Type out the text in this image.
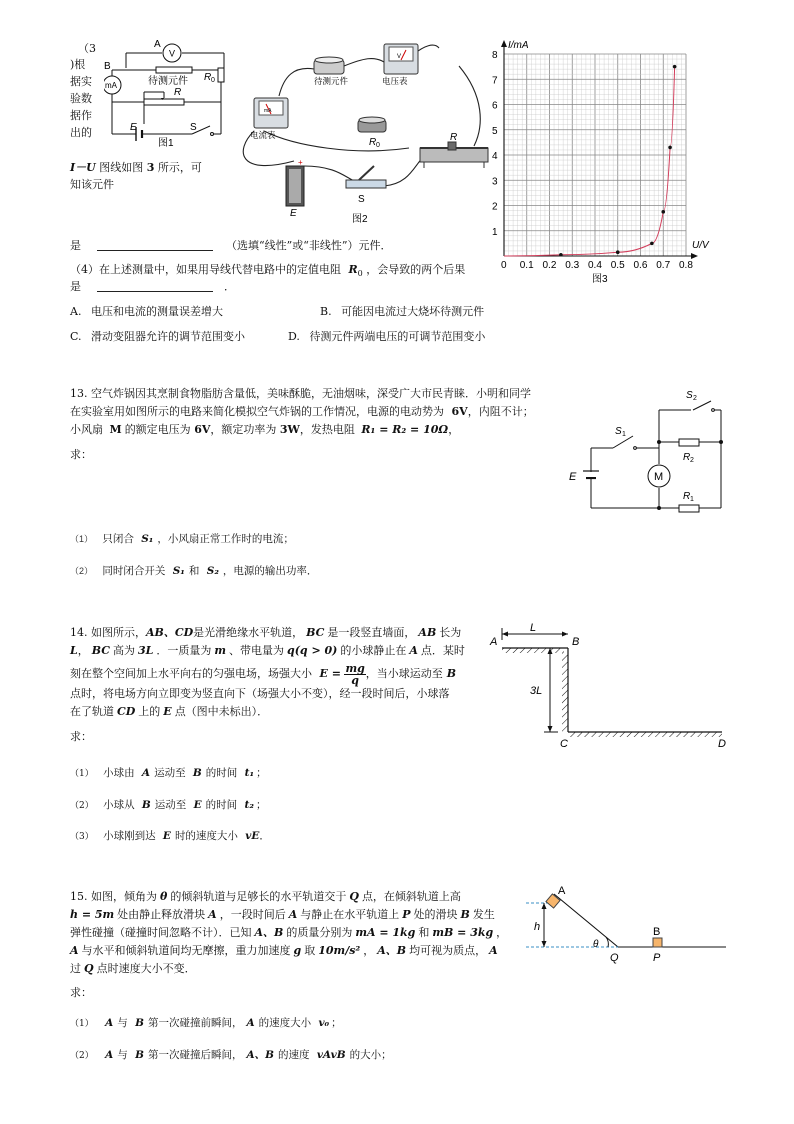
（3
)根
据实
验数
据作
出的
I－U 图线如图 3 所示，可
知该元件
V
A
B
mA	待测元件 R 0
R
E	S
图1
待测元件
V
电压表
mA
电流表
R 0
R
+
E
S
图2
0 0.1 0.2 0.3 0.4 0.5 0.6 0.7 0.8
1
2
3
4
5
6
7
8
I/mA
U/V
图3
是	（选填“线性”或“非线性”）元件．
（4）在上述测量中，如果用导线代替电路中的定值电阻 $R_0$ ，会导致的两个后果
是	．
A. 电压和电流的测量误差增大	B. 可能因电流过大烧坏待测元件
C. 滑动变阻器允许的调节范围变小	D. 待测元件两端电压的可调节范围变小
13. 空气炸锅因其烹制食物脂肪含量低，美味酥脆，无油烟味，深受广大市民青睐．小明和同学
在实验室用如图所示的电路来简化模拟空气炸锅的工作情况，电源的电动势为 6V，内阻不计；
小风扇 M 的额定电压为 6V，额定功率为 3W，发热电阻 R₁ = R₂ = 10Ω，
求：
M
E
S 1
S 2
R 2
R 1
（1） 只闭合 S₁ ，小风扇正常工作时的电流；
（2） 同时闭合开关 S₁ 和 S₂ ，电源的输出功率．
14. 如图所示，AB、CD是光滑绝缘水平轨道， BC 是一段竖直墙面， AB 长为
L， BC 高为 3L ．一质量为 m 、带电量为 q(q > 0) 的小球静止在 A 点．某时
刻在整个空间加上水平向右的匀强电场，场强大小 $E = \frac{mg}{q}$ ，当小球运动至 B
点时，将电场方向立即变为竖直向下（场强大小不变），经一段时间后，小球落
在了轨道 CD 上的 E 点（图中未标出）．
求：
L
3L
A	B
C	D
（1） 小球由 A 运动至 B 的时间 t₁ ；
（2） 小球从 B 运动至 E 的时间 t₂ ；
（3） 小球刚到达 E 时的速度大小 vE．
15. 如图，倾角为 θ 的倾斜轨道与足够长的水平轨道交于 Q 点，在倾斜轨道上高
h = 5m 处由静止释放滑块 A ，一段时间后 A 与静止在水平轨道上 P 处的滑块 B 发生
弹性碰撞（碰撞时间忽略不计）．已知 A、B 的质量分别为 mA = 1kg 和 mB = 3kg ，
A 与水平和倾斜轨道间均无摩擦，重力加速度 g 取 10m/s² ， A、B 均可视为质点， A
过 Q 点时速度大小不变．
求：
A
B
h
θ
Q	P
（1） A 与 B 第一次碰撞前瞬间， A 的速度大小 v₀ ；
（2） A 与 B 第一次碰撞后瞬间， A、B 的速度 vAvB 的大小；
